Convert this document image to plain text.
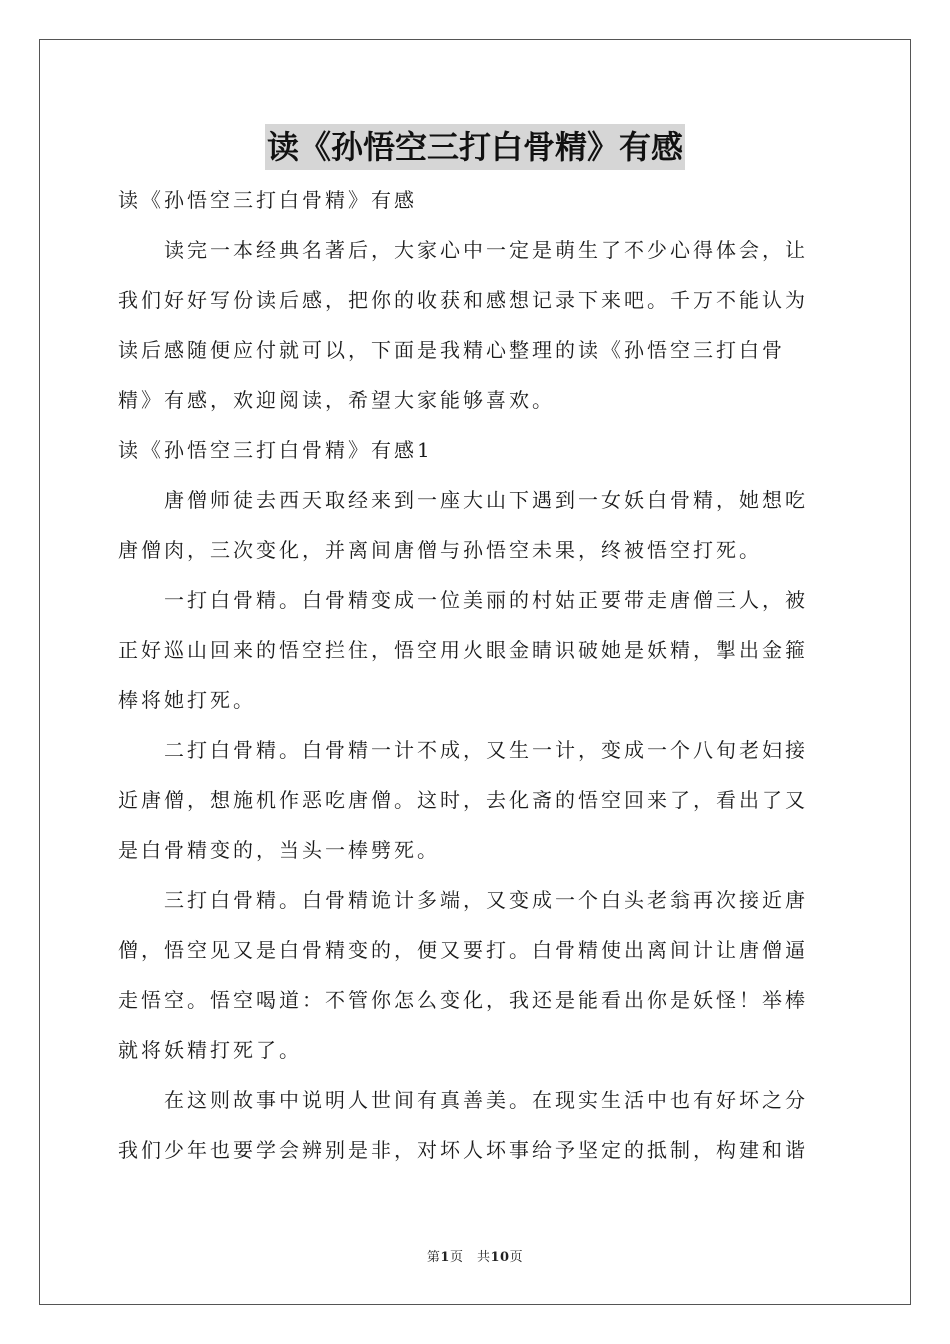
读《孙悟空三打白骨精》有感
读《孙悟空三打白骨精》有感
读完一本经典名著后，大家心中一定是萌生了不少心得体会，让
我们好好写份读后感，把你的收获和感想记录下来吧。千万不能认为
读后感随便应付就可以，下面是我精心整理的读《孙悟空三打白骨
精》有感，欢迎阅读，希望大家能够喜欢。
读《孙悟空三打白骨精》有感1
唐僧师徒去西天取经来到一座大山下遇到一女妖白骨精，她想吃
唐僧肉，三次变化，并离间唐僧与孙悟空未果，终被悟空打死。
一打白骨精。白骨精变成一位美丽的村姑正要带走唐僧三人，被
正好巡山回来的悟空拦住，悟空用火眼金睛识破她是妖精，掣出金箍
棒将她打死。
二打白骨精。白骨精一计不成，又生一计，变成一个八旬老妇接
近唐僧，想施机作恶吃唐僧。这时，去化斋的悟空回来了，看出了又
是白骨精变的，当头一棒劈死。
三打白骨精。白骨精诡计多端，又变成一个白头老翁再次接近唐
僧，悟空见又是白骨精变的，便又要打。白骨精使出离间计让唐僧逼
走悟空。悟空喝道：不管你怎么变化，我还是能看出你是妖怪！举棒
就将妖精打死了。
在这则故事中说明人世间有真善美。在现实生活中也有好坏之分
我们少年也要学会辨别是非，对坏人坏事给予坚定的抵制，构建和谐
第1页　共10页
